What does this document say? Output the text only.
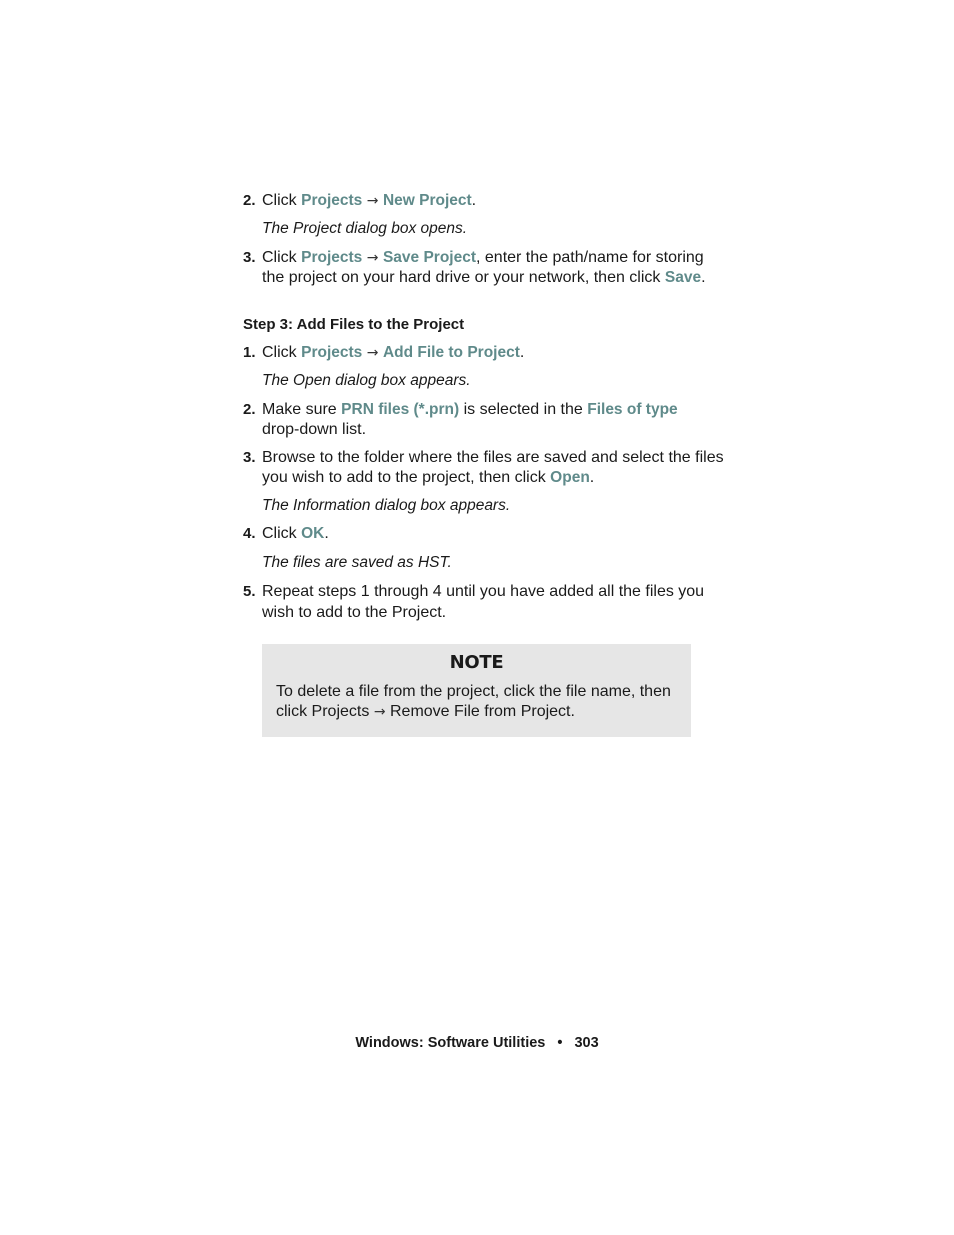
2. Click Projects → New Project.
The Project dialog box opens.
3. Click Projects → Save Project, enter the path/name for storing the project on your hard drive or your network, then click Save.
Step 3: Add Files to the Project
1. Click Projects → Add File to Project.
The Open dialog box appears.
2. Make sure PRN files (*.prn) is selected in the Files of type drop-down list.
3. Browse to the folder where the files are saved and select the files you wish to add to the project, then click Open.
The Information dialog box appears.
4. Click OK.
The files are saved as HST.
5. Repeat steps 1 through 4 until you have added all the files you wish to add to the Project.
NOTE
To delete a file from the project, click the file name, then click Projects → Remove File from Project.
Windows: Software Utilities • 303
